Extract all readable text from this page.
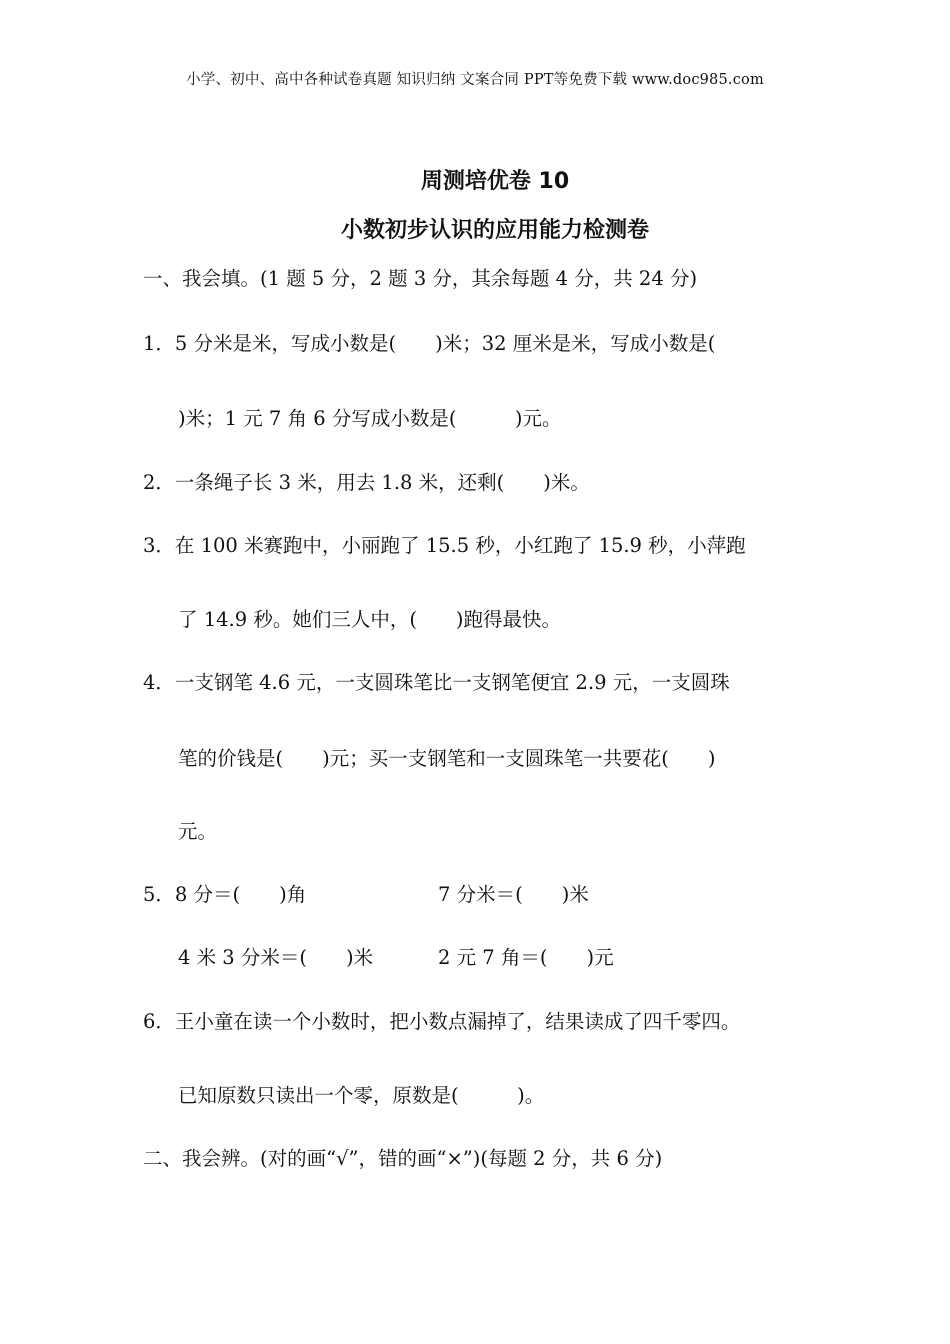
小学、初中、高中各种试卷真题 知识归纳 文案合同 PPT等免费下载 www.doc985.com
周测培优卷 10
小数初步认识的应用能力检测卷
一、我会填。(1 题 5 分，2 题 3 分，其余每题 4 分，共 24 分)
1．5 分米是米，写成小数是(　　)米；32 厘米是米，写成小数是(
)米；1 元 7 角 6 分写成小数是(　　　)元。
2．一条绳子长 3 米，用去 1.8 米，还剩(　　)米。
3．在 100 米赛跑中，小丽跑了 15.5 秒，小红跑了 15.9 秒，小萍跑
了 14.9 秒。她们三人中，(　　)跑得最快。
4．一支钢笔 4.6 元，一支圆珠笔比一支钢笔便宜 2.9 元，一支圆珠
笔的价钱是(　　)元；买一支钢笔和一支圆珠笔一共要花(　　)
元。
5．8 分＝(　　)角	7 分米＝(　　)米
4 米 3 分米＝(　　)米	2 元 7 角＝(　　)元
6．王小童在读一个小数时，把小数点漏掉了，结果读成了四千零四。
已知原数只读出一个零，原数是(　　　)。
二、我会辨。(对的画“√”，错的画“×”)(每题 2 分，共 6 分)
